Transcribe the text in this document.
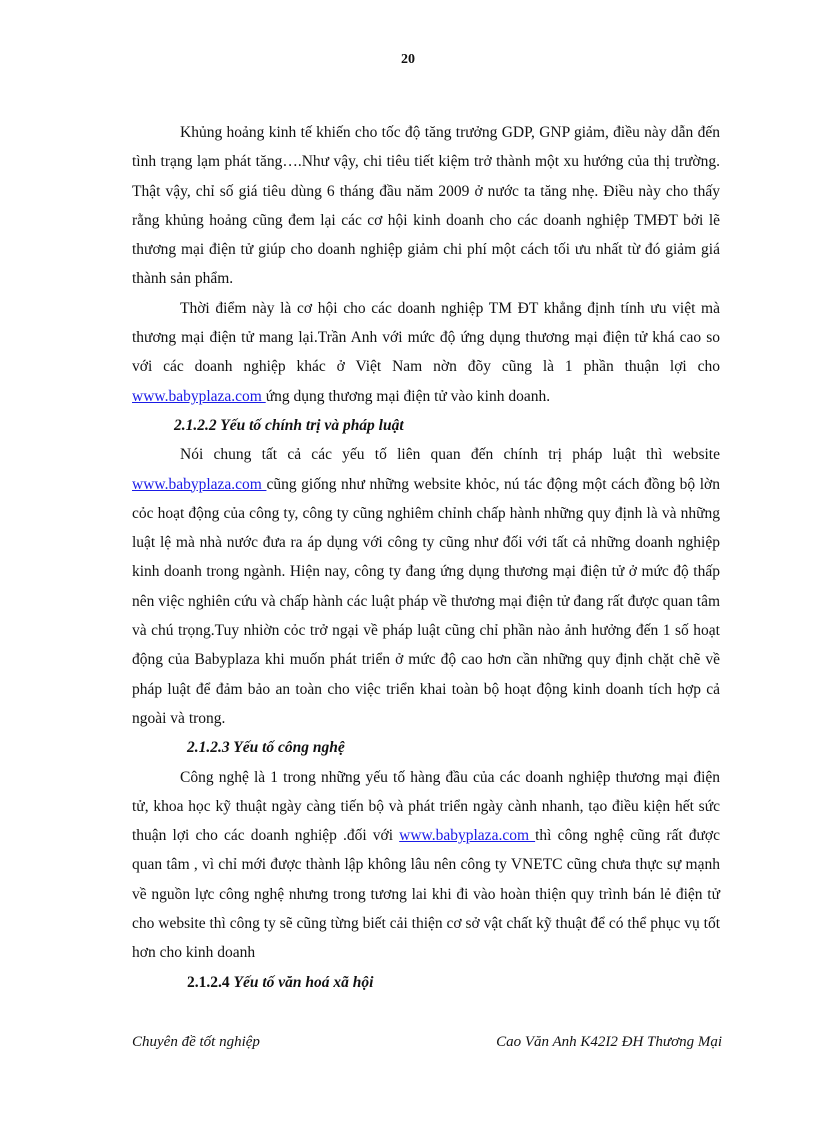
20

Khủng hoảng kinh tế khiến cho tốc độ tăng trưởng GDP, GNP giảm, điều này dẫn đến tình trạng lạm phát tăng….Như vậy, chi tiêu tiết kiệm trở thành một xu hướng của thị trường. Thật vậy, chỉ số giá tiêu dùng 6 tháng đầu năm 2009 ở nước ta tăng nhẹ. Điều này cho thấy rằng khủng hoảng cũng đem lại các cơ hội kinh doanh cho các doanh nghiệp TMĐT bởi lẽ thương mại điện tử giúp cho doanh nghiệp giảm chi phí một cách tối ưu nhất từ đó giảm giá thành sản phẩm.

Thời điểm này là cơ hội cho các doanh nghiệp TM ĐT khẳng định tính ưu việt mà thương mại điện tử mang lại.Trần Anh với mức độ ứng dụng thương mại điện tử khá cao so với các doanh nghiệp khác ở Việt Nam nờn đõy cũng là 1 phần thuận lợi cho www.babyplaza.com ứng dụng thương mại điện tử vào kinh doanh.

2.1.2.2 Yếu tố chính trị và pháp luật

Nói chung tất cả các yếu tố liên quan đến chính trị pháp luật thì website www.babyplaza.com cũng giống như những website khỏc, nú tác động một cách đồng bộ lờn cỏc hoạt động của công ty, công ty cũng nghiêm chỉnh chấp hành những quy định là và những luật lệ mà nhà nước đưa ra áp dụng với công ty cũng như đối với tất cả những doanh nghiệp kinh doanh trong ngành. Hiện nay, công ty đang ứng dụng thương mại điện tử ở mức độ thấp nên việc nghiên cứu và chấp hành các luật pháp về thương mại điện tử đang rất được quan tâm và chú trọng.Tuy nhiờn cỏc trở ngại về pháp luật cũng chỉ phần nào ảnh hưởng đến 1 số hoạt động của Babyplaza khi muốn phát triển ở mức độ cao hơn cần những quy định chặt chẽ về pháp luật để đảm bảo an toàn cho việc triển khai toàn bộ hoạt động kinh doanh tích hợp cả ngoài và trong.

2.1.2.3 Yếu tố công nghệ

Công nghệ là 1 trong những yếu tố hàng đầu của các doanh nghiệp thương mại điện tử, khoa học kỹ thuật ngày càng tiến bộ và phát triển ngày cành nhanh, tạo điều kiện hết sức thuận lợi cho các doanh nghiệp .đối với www.babyplaza.com thì công nghệ cũng rất được quan tâm , vì chỉ mới được thành lập không lâu nên công ty VNETC cũng chưa thực sự mạnh về nguồn lực công nghệ nhưng trong tương lai khi đi vào hoàn thiện quy trình bán lẻ điện tử cho website thì công ty sẽ cũng từng biết cải thiện cơ sở vật chất kỹ thuật để có thể phục vụ tốt hơn cho kinh doanh

2.1.2.4 Yếu tố văn hoá xã hội

Chuyên đề tốt nghiệp	Cao Văn Anh K42I2 ĐH Thương Mại
